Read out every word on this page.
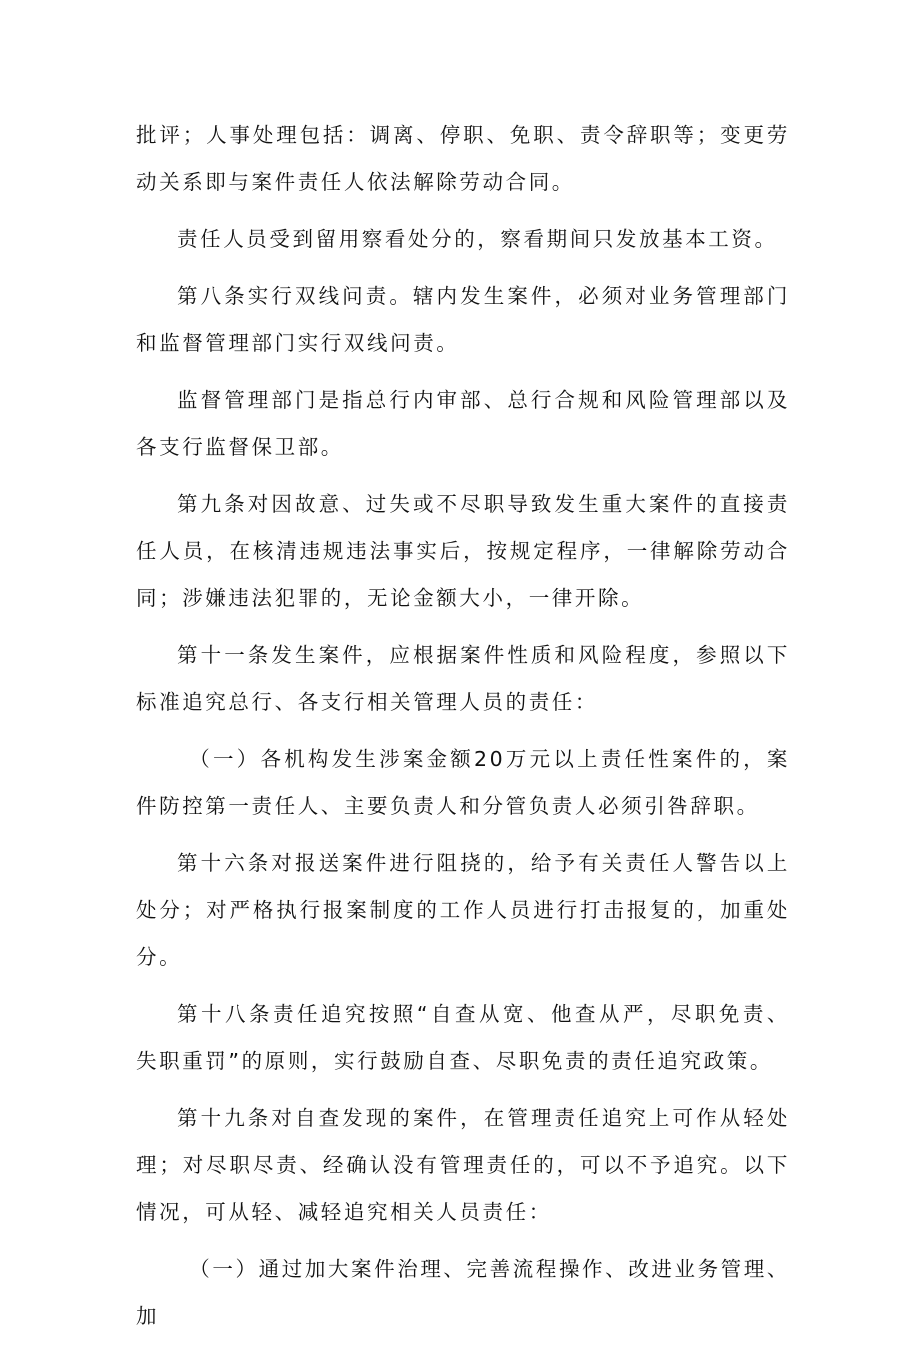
批评；人事处理包括：调离、停职、免职、责令辞职等；变更劳动关系即与案件责任人依法解除劳动合同。

责任人员受到留用察看处分的，察看期间只发放基本工资。

第八条实行双线问责。辖内发生案件，必须对业务管理部门和监督管理部门实行双线问责。

监督管理部门是指总行内审部、总行合规和风险管理部以及各支行监督保卫部。

第九条对因故意、过失或不尽职导致发生重大案件的直接责任人员，在核清违规违法事实后，按规定程序，一律解除劳动合同；涉嫌违法犯罪的，无论金额大小，一律开除。

第十一条发生案件，应根据案件性质和风险程度，参照以下标准追究总行、各支行相关管理人员的责任：

（一）各机构发生涉案金额20万元以上责任性案件的，案件防控第一责任人、主要负责人和分管负责人必须引咎辞职。

第十六条对报送案件进行阻挠的，给予有关责任人警告以上处分；对严格执行报案制度的工作人员进行打击报复的，加重处分。

第十八条责任追究按照“自查从宽、他查从严，尽职免责、失职重罚”的原则，实行鼓励自查、尽职免责的责任追究政策。

第十九条对自查发现的案件，在管理责任追究上可作从轻处理；对尽职尽责、经确认没有管理责任的，可以不予追究。以下情况，可从轻、减轻追究相关人员责任：

（一）通过加大案件治理、完善流程操作、改进业务管理、加
